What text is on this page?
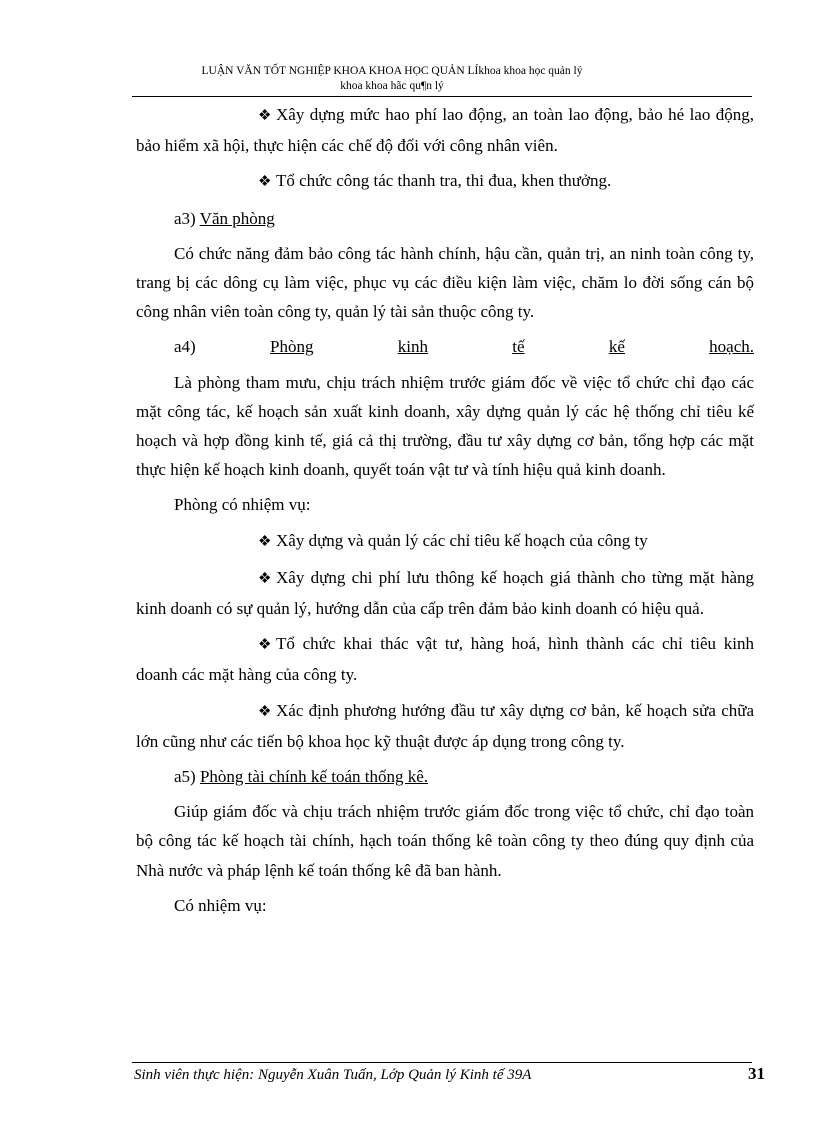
LUẬN VĂN TỐT NGHIỆP KHOA KHOA HỌC QUẢN LÍkhoa khoa học quản lý
khoa khoa hãc qu¶n lý

❖ Xây dựng mức hao phí lao động, an toàn lao động, bảo hé lao động, bảo hiểm xã hội, thực hiện các chế độ đối với công nhân viên.

❖ Tổ chức công tác thanh tra, thi đua, khen thưởng.

a3) Văn phòng

Có chức năng đảm bảo công tác hành chính, hậu cần, quản trị, an ninh toàn công ty, trang bị các dông cụ làm việc, phục vụ các điều kiện làm việc, chăm lo đời sống cán bộ công nhân viên toàn công ty, quản lý tài sản thuộc công ty.

a4)	Phòng	kinh	tế	kế	hoạch.

Là phòng tham mưu, chịu trách nhiệm trước giám đốc về việc tổ chức chỉ đạo các mặt công tác, kế hoạch sản xuất kinh doanh, xây dựng quản lý các hệ thống chỉ tiêu kế hoạch và hợp đồng kinh tế, giá cả thị trường, đầu tư xây dựng cơ bản, tổng hợp các mặt thực hiện kế hoạch kinh doanh, quyết toán vật tư và tính hiệu quả kinh doanh.

Phòng có nhiệm vụ:

❖ Xây dựng và quản lý các chỉ tiêu kế hoạch của công ty

❖ Xây dựng chi phí lưu thông kế hoạch giá thành cho từng mặt hàng kinh doanh có sự quản lý, hướng dẫn của cấp trên đảm bảo kinh doanh có hiệu quả.

❖ Tổ chức khai thác vật tư, hàng hoá, hình thành các chỉ tiêu kinh doanh các mặt hàng của công ty.

❖ Xác định phương hướng đầu tư xây dựng cơ bản, kế hoạch sửa chữa lớn cũng như các tiến bộ khoa học kỹ thuật được áp dụng trong công ty.

a5) Phòng tài chính kế toán thống kê.

Giúp giám đốc và chịu trách nhiệm trước giám đốc trong việc tổ chức, chỉ đạo toàn bộ công tác kế hoạch tài chính, hạch toán thống kê toàn công ty theo đúng quy định của Nhà nước và pháp lệnh kế toán thống kê đã ban hành.

Có nhiệm vụ:

Sinh viên thực hiện: Nguyễn Xuân Tuấn, Lớp Quản lý Kinh tế 39A	31
